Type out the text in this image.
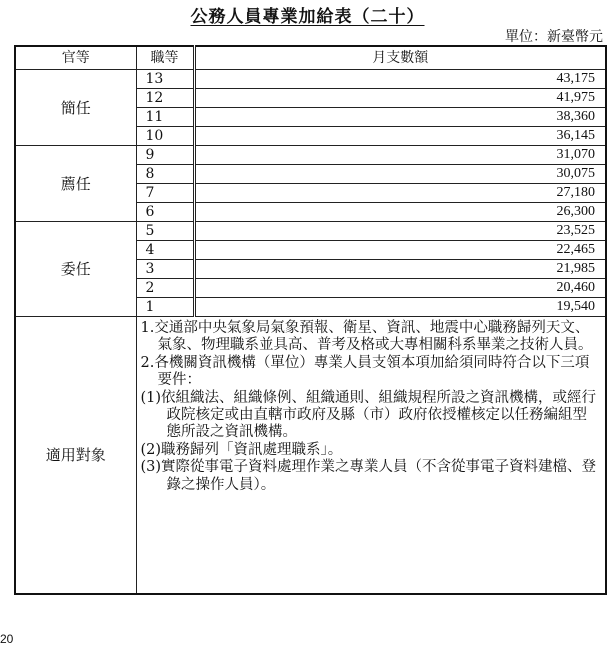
公務人員專業加給表（二十）
單位：新臺幣元
官等	職等	月支數額
簡任	13	43,175
	12	41,975
	11	38,360
	10	36,145
薦任	9	31,070
	8	30,075
	7	27,180
	6	26,300
委任	5	23,525
	4	22,465
	3	21,985
	2	20,460
	1	19,540
適用對象	1.交通部中央氣象局氣象預報、衛星、資訊、地震中心職務歸列天文、氣象、物理職系並具高、普考及格或大專相關科系畢業之技術人員。
2.各機關資訊機構（單位）專業人員支領本項加給須同時符合以下三項要件：
(1)依組織法、組織條例、組織通則、組織規程所設之資訊機構，或經行政院核定或由直轄市政府及縣（市）政府依授權核定以任務編組型態所設之資訊機構。
(2)職務歸列「資訊處理職系」。
(3)實際從事電子資料處理作業之專業人員（不含從事電子資料建檔、登錄之操作人員）。	
20
